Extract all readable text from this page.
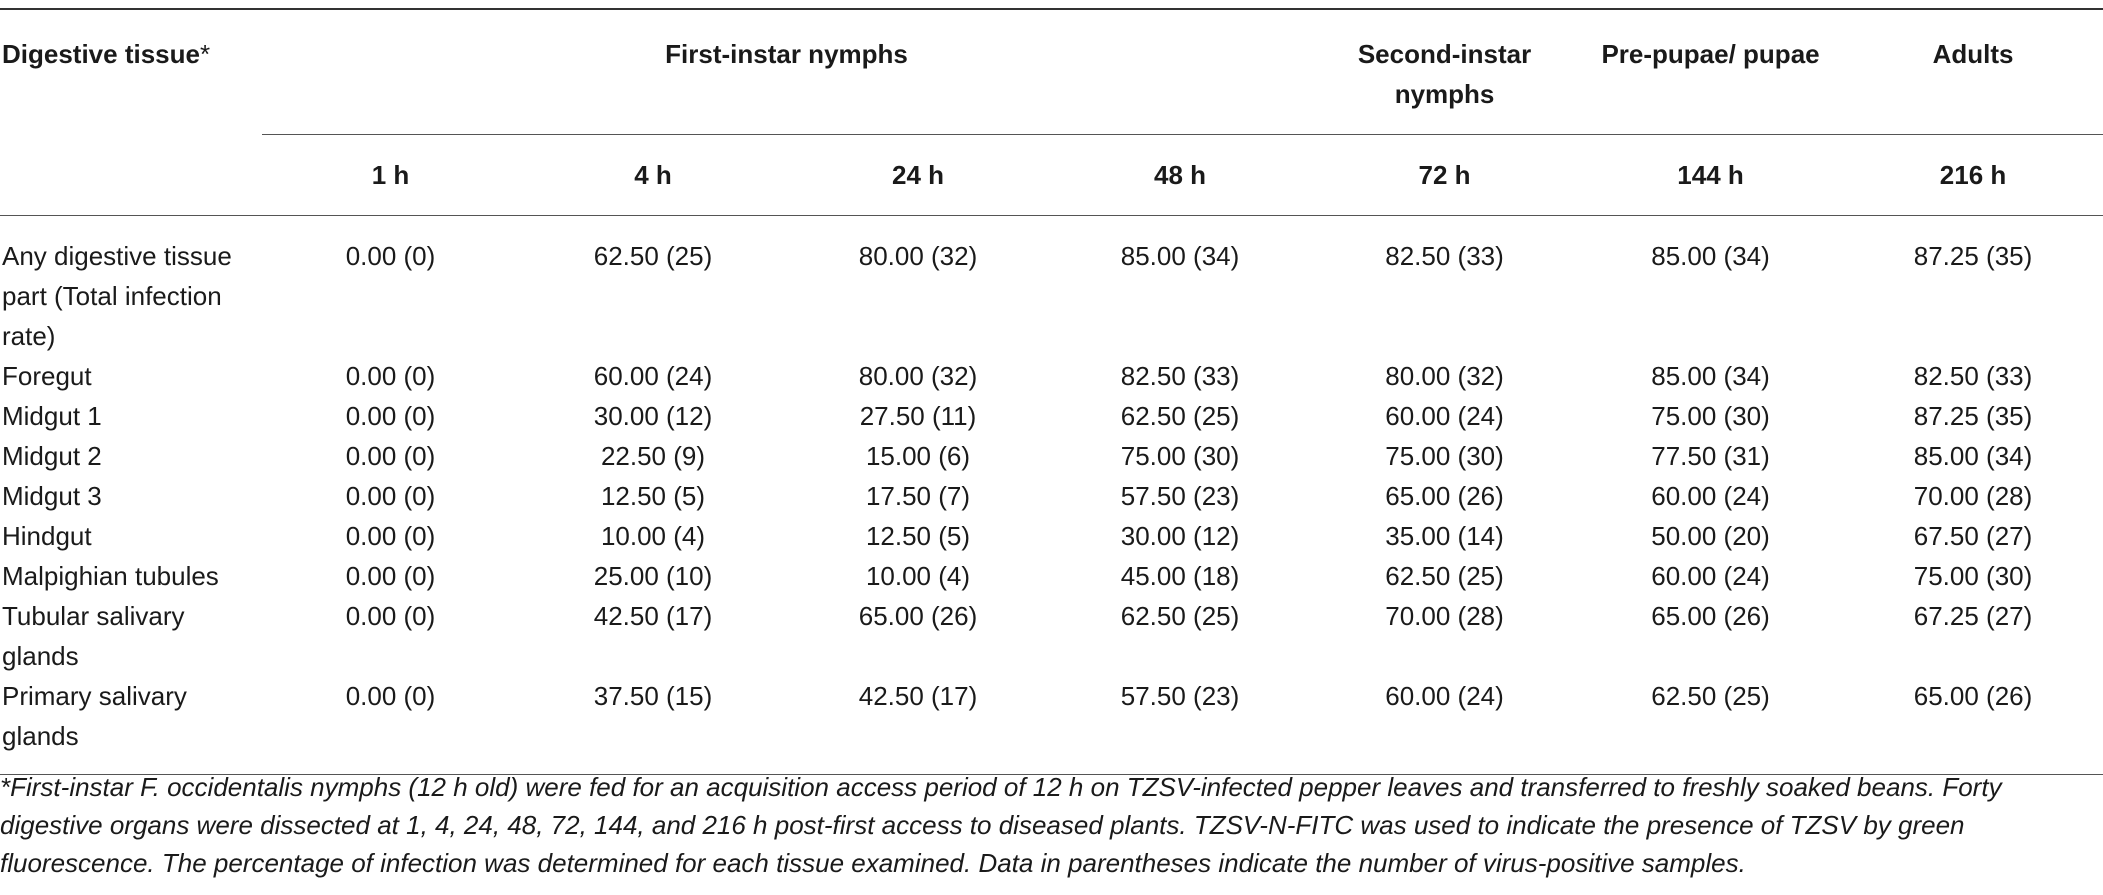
Digestive tissue*	First-instar nymphs				Second-instar nymphs	Pre-pupae/ pupae	Adults
	1 h	4 h	24 h	48 h	72 h	144 h	216 h
Any digestive tissue part (Total infection rate)	0.00 (0)	62.50 (25)	80.00 (32)	85.00 (34)	82.50 (33)	85.00 (34)	87.25 (35)
Foregut	0.00 (0)	60.00 (24)	80.00 (32)	82.50 (33)	80.00 (32)	85.00 (34)	82.50 (33)
Midgut 1	0.00 (0)	30.00 (12)	27.50 (11)	62.50 (25)	60.00 (24)	75.00 (30)	87.25 (35)
Midgut 2	0.00 (0)	22.50 (9)	15.00 (6)	75.00 (30)	75.00 (30)	77.50 (31)	85.00 (34)
Midgut 3	0.00 (0)	12.50 (5)	17.50 (7)	57.50 (23)	65.00 (26)	60.00 (24)	70.00 (28)
Hindgut	0.00 (0)	10.00 (4)	12.50 (5)	30.00 (12)	35.00 (14)	50.00 (20)	67.50 (27)
Malpighian tubules	0.00 (0)	25.00 (10)	10.00 (4)	45.00 (18)	62.50 (25)	60.00 (24)	75.00 (30)
Tubular salivary glands	0.00 (0)	42.50 (17)	65.00 (26)	62.50 (25)	70.00 (28)	65.00 (26)	67.25 (27)
Primary salivary glands	0.00 (0)	37.50 (15)	42.50 (17)	57.50 (23)	60.00 (24)	62.50 (25)	65.00 (26)
*First-instar F. occidentalis nymphs (12 h old) were fed for an acquisition access period of 12 h on TZSV-infected pepper leaves and transferred to freshly soaked beans. Forty digestive organs were dissected at 1, 4, 24, 48, 72, 144, and 216 h post-first access to diseased plants. TZSV-N-FITC was used to indicate the presence of TZSV by green fluorescence. The percentage of infection was determined for each tissue examined. Data in parentheses indicate the number of virus-positive samples.
